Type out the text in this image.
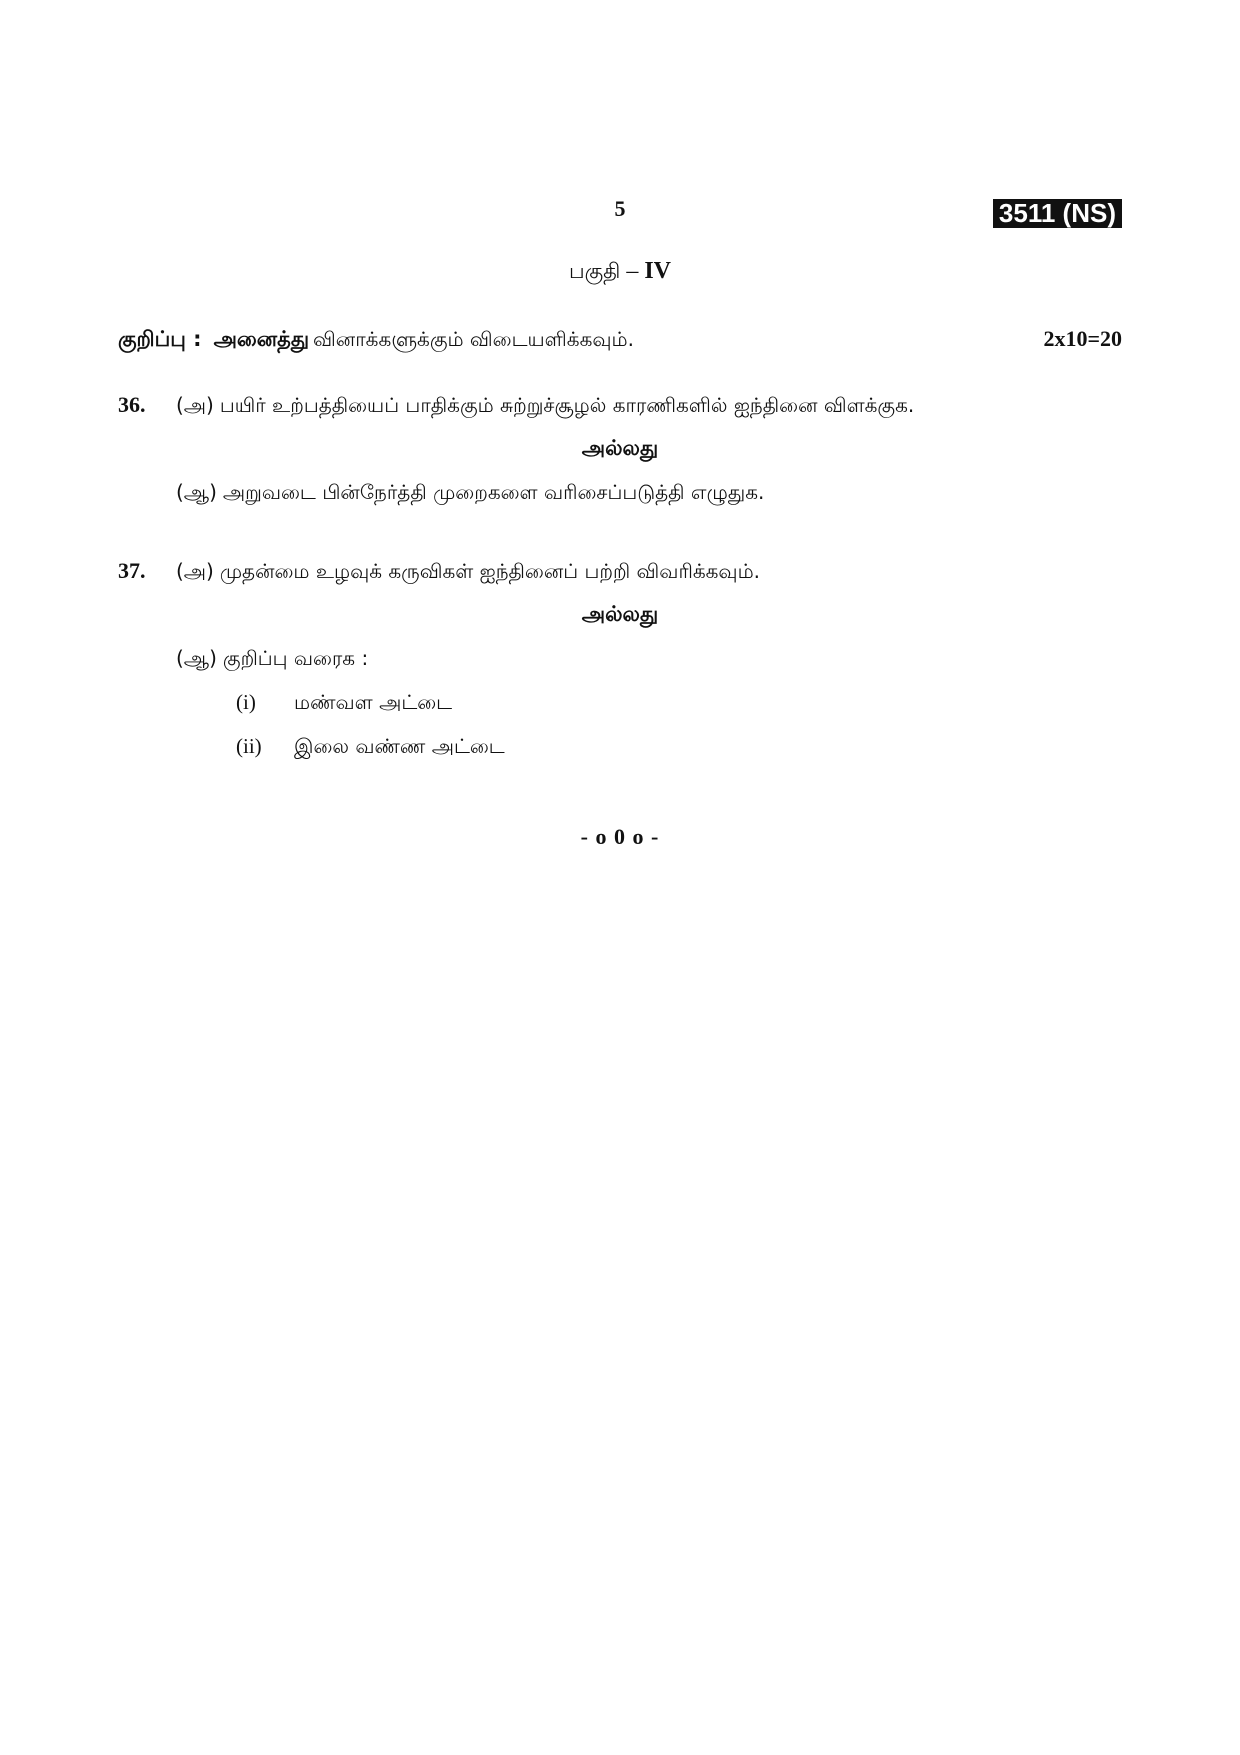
5	3511 (NS)
பகுதி – IV
குறிப்பு : அனைத்து வினாக்களுக்கும் விடையளிக்கவும்.	2x10=20
36.	(அ) பயிர் உற்பத்தியைப் பாதிக்கும் சுற்றுச்சூழல் காரணிகளில் ஐந்தினை விளக்குக.
அல்லது
(ஆ) அறுவடை பின்நேர்த்தி முறைகளை வரிசைப்படுத்தி எழுதுக.
37.	(அ) முதன்மை உழவுக் கருவிகள் ஐந்தினைப் பற்றி விவரிக்கவும்.
அல்லது
(ஆ) குறிப்பு வரைக :
(i)	மண்வள அட்டை
(ii)	இலை வண்ண அட்டை
- o 0 o -
